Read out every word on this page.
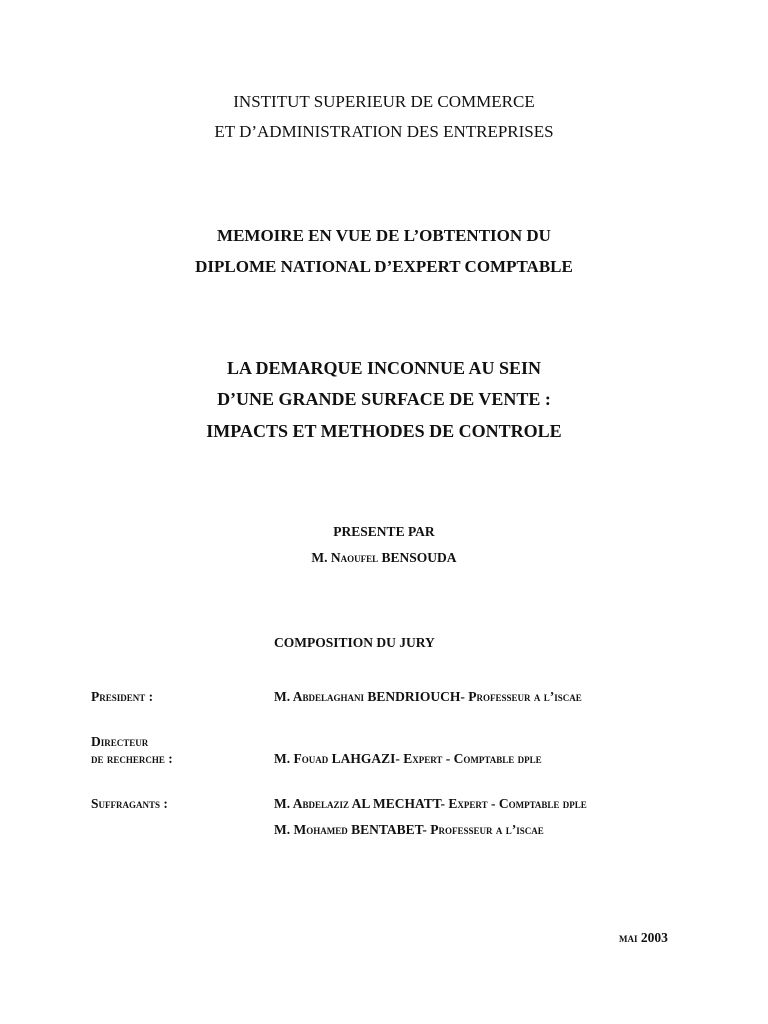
INSTITUT SUPERIEUR DE COMMERCE
ET D’ADMINISTRATION DES ENTREPRISES
MEMOIRE EN VUE DE L’OBTENTION DU
DIPLOME NATIONAL D’EXPERT COMPTABLE
LA DEMARQUE INCONNUE AU SEIN
D’UNE GRANDE SURFACE DE VENTE :
IMPACTS ET METHODES DE CONTROLE
PRESENTE PAR
M. Naoufel BENSOUDA
COMPOSITION DU JURY
President :	M. Abdelaghani BENDRIOUCH- Professeur a l’iscae
Directeur
de recherche :	M. Fouad LAHGAZI- Expert - Comptable dple
Suffragants :	M. Abdelaziz AL MECHATT- Expert - Comptable dple
M. Mohamed BENTABET- Professeur a l’iscae
mai 2003
